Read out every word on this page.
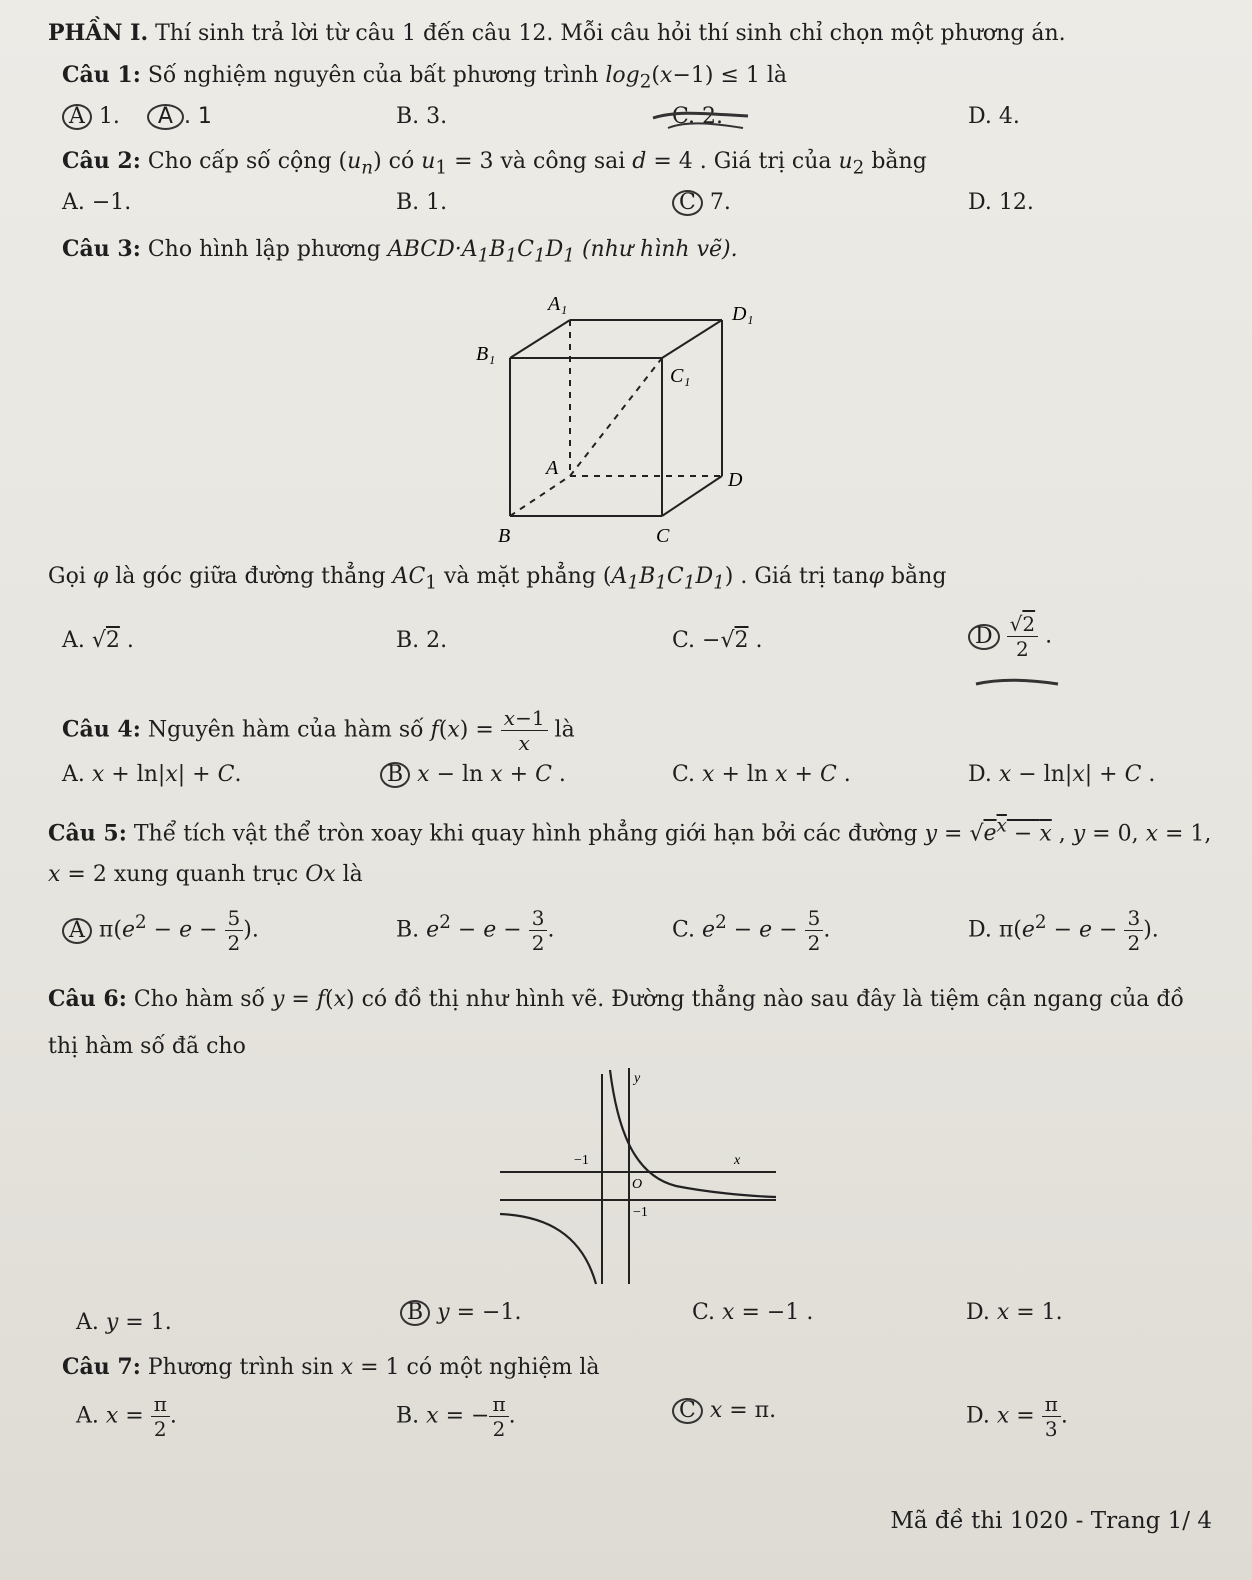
PHẦN I. Thí sinh trả lời từ câu 1 đến câu 12. Mỗi câu hỏi thí sinh chỉ chọn một phương án.
Câu 1: Số nghiệm nguyên của bất phương trình $\log_2(x-1) \le 1$ là
A 1. A . 1	B. 3.	C. 2.	D. 4.
Câu 2: Cho cấp số cộng $(u_n)$ có $u_1 = 3$ và công sai d = 4 . Giá trị của $u_2$ bằng
A. −1.	B. 1.	C 7.	D. 12.
Câu 3: Cho hình lập phương $ABCD\cdot A_1B_1C_1D_1$ (như hình vẽ).
A₁	D₁
B₁
C₁
A
D
B	C
Gọi φ là góc giữa đường thẳng $AC_1$ và mặt phẳng $(A_1B_1C_1D_1)$ . Giá trị tanφ bằng
A. √2 .	B. 2.	C. −√2 .	D $\frac{√2}{2}$ .
Câu 4: Nguyên hàm của hàm số $f(x) = \frac{x-1}{x}$ là
A. x + ln|x| + C.	B x − ln x + C .	C. x + ln x + C .	D. x − ln|x| + C .
Câu 5: Thể tích vật thể tròn xoay khi quay hình phẳng giới hạn bởi các đường $y = √e^x - x$ , y = 0, x = 1,
x = 2 xung quanh trục Ox là
A $\pi(e^2 - e - \frac{5}{2}$ ).	B. $e^2 - e - \frac{3}{2}$ .	C. $e^2 - e - \frac{5}{2}$ .	D. $\pi(e^2 - e - \frac{3}{2}$ ).
Câu 6: Cho hàm số y = f(x) có đồ thị như hình vẽ. Đường thẳng nào sau đây là tiệm cận ngang của đồ
thị hàm số đã cho
y
x
−1
O
−1
A. y = 1.	B y = −1.	C. x = −1 .	D. x = 1.
Câu 7: Phương trình sin x = 1 có một nghiệm là
A. $x = \frac{\pi}{2}$ .	B. x = − $\frac{\pi}{2}$ .	C x = π.	D. $x = \frac{\pi}{3}$ .
Mã đề thi 1020 - Trang 1/ 4
